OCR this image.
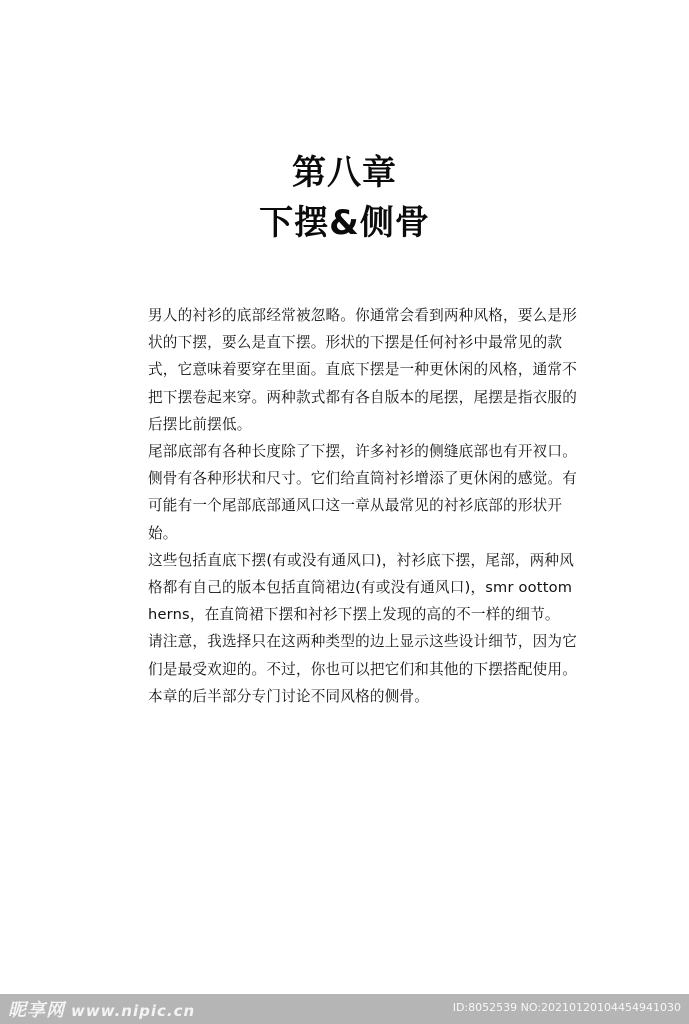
第八章
下摆&侧骨

男人的衬衫的底部经常被忽略。你通常会看到两种风格，要么是形状的下摆，要么是直下摆。形状的下摆是任何衬衫中最常见的款式，它意味着要穿在里面。直底下摆是一种更休闲的风格，通常不把下摆卷起来穿。两种款式都有各自版本的尾摆，尾摆是指衣服的后摆比前摆低。

尾部底部有各种长度除了下摆，许多衬衫的侧缝底部也有开衩口。侧骨有各种形状和尺寸。它们给直筒衬衫增添了更休闲的感觉。有可能有一个尾部底部通风口这一章从最常见的衬衫底部的形状开始。

这些包括直底下摆(有或没有通风口)，衬衫底下摆，尾部，两种风格都有自己的版本包括直筒裙边(有或没有通风口)，smr oottom herns，在直筒裙下摆和衬衫下摆上发现的高的不一样的细节。

请注意，我选择只在这两种类型的边上显示这些设计细节，因为它们是最受欢迎的。不过，你也可以把它们和其他的下摆搭配使用。本章的后半部分专门讨论不同风格的侧骨。

昵享网 www.nipic.cn	ID:8052539 NO:20210120104454941030
